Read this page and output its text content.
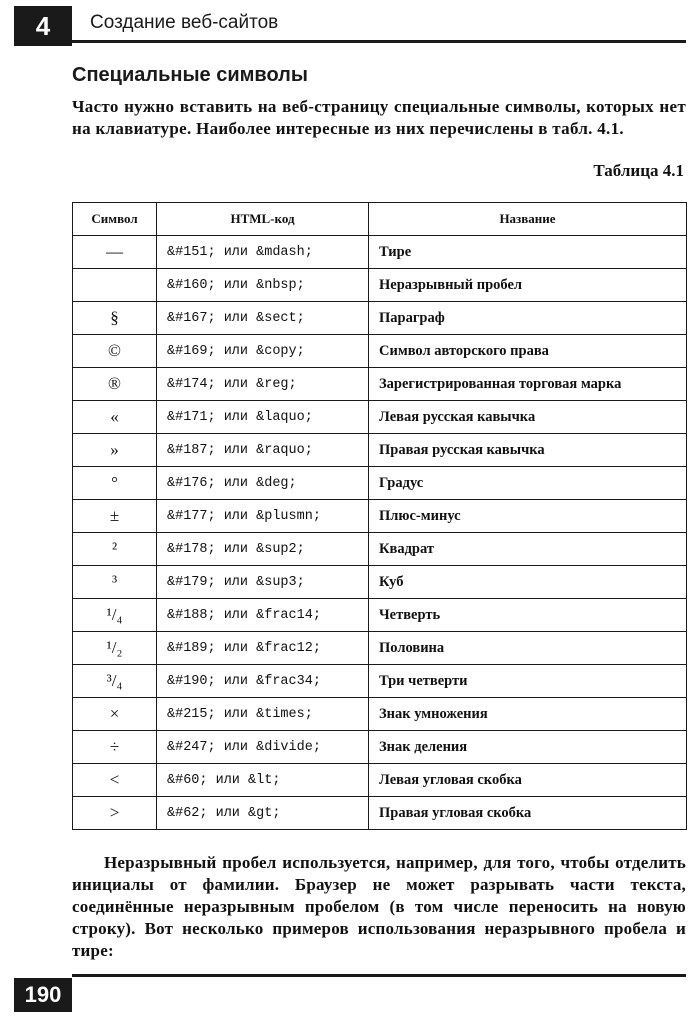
4	Создание веб-сайтов
Специальные символы
Часто нужно вставить на веб-страницу специальные символы, которых нет на клавиатуре. Наиболее интересные из них перечислены в табл. 4.1.
Таблица 4.1
Символ	HTML-код	Название
—	&#151; или &mdash;	Тире
	&#160; или &nbsp;	Неразрывный пробел
§	&#167; или &sect;	Параграф
©	&#169; или &copy;	Символ авторского права
®	&#174; или &reg;	Зарегистрированная торговая марка
«	&#171; или &laquo;	Левая русская кавычка
»	&#187; или &raquo;	Правая русская кавычка
°	&#176; или &deg;	Градус
±	&#177; или &plusmn;	Плюс-минус
²	&#178; или &sup2;	Квадрат
³	&#179; или &sup3;	Куб
¹/₄	&#188; или &frac14;	Четверть
¹/₂	&#189; или &frac12;	Половина
³/₄	&#190; или &frac34;	Три четверти
×	&#215; или &times;	Знак умножения
÷	&#247; или &divide;	Знак деления
<	&#60; или &lt;	Левая угловая скобка
>	&#62; или &gt;	Правая угловая скобка
Неразрывный пробел используется, например, для того, чтобы отделить инициалы от фамилии. Браузер не может разрывать части текста, соединённые неразрывным пробелом (в том числе переносить на новую строку). Вот несколько примеров использования неразрывного пробела и тире:
190
